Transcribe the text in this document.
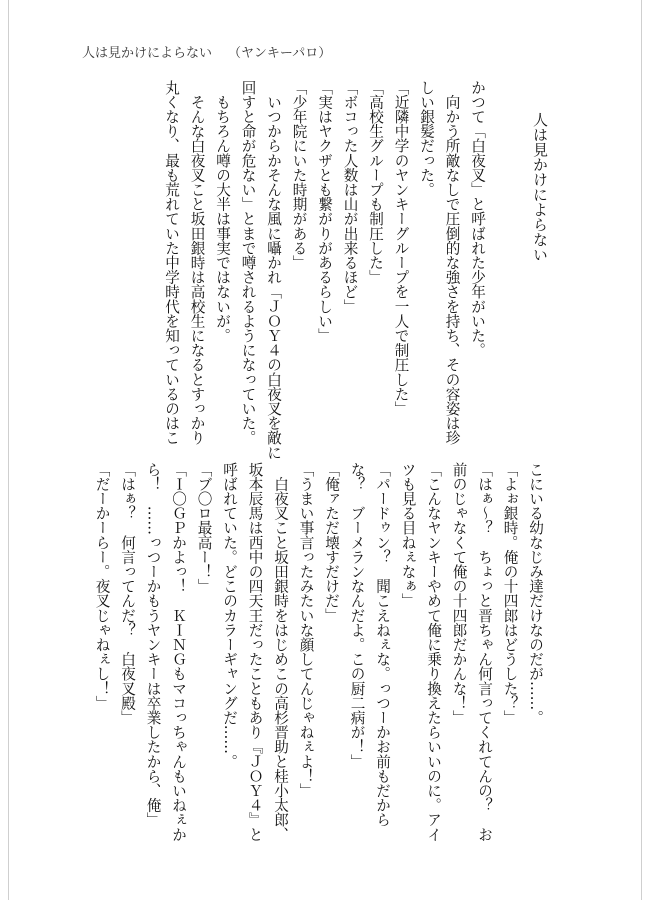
人は見かけによらない （ヤンキーパロ）
人は見かけによらない
かつて「白夜叉」と呼ばれた少年がいた。
　向かう所敵なしで圧倒的な強さを持ち、その容姿は珍
しい銀髪だった。
「近隣中学のヤンキーグループを一人で制圧した」
「高校生グループも制圧した」
「ボコった人数は山が出来るほど」
「実はヤクザとも繋がりがあるらしい」
「少年院にいた時期がある」
　いつからかそんな風に囁かれ「ＪＯＹ４の白夜叉を敵に
回すと命が危ない」とまで噂されるようになっていた。
　もちろん噂の大半は事実ではないが。
　そんな白夜叉こと坂田銀時は高校生になるとすっかり
丸くなり、最も荒れていた中学時代を知っているのはこ
こにいる幼なじみ達だけなのだが……。
「よぉ銀時。俺の十四郎はどうした？」
「はぁ～？　ちょっと晋ちゃん何言ってくれてんの？　お
前のじゃなくて俺の十四郎だかんな！」
「こんなヤンキーやめて俺に乗り換えたらいいのに。アイ
ツも見る目ねぇなぁ」
「パードゥン？　聞こえねぇな。っつーかお前もだから
な？　ブーメランなんだよ。この厨二病が！」
「俺ァただ壊すだけだ」
「うまい事言ったみたいな顔してんじゃねぇよ！」
　白夜叉こと坂田銀時をはじめこの高杉晋助と桂小太郎、
坂本辰馬は西中の四天王だったこともあり『ＪＯＹ４』と
呼ばれていた。どこのカラーギャングだ……。
「ブ〇ロ最高ー！」
「Ｉ〇ＧＰかよっ！　ＫＩＮＧもマコっちゃんもいねぇか
ら！　……っつーかもうヤンキーは卒業したから、俺」
「はぁ？　何言ってんだ？　白夜叉殿」
「だーかーらー。夜叉じゃねぇし！」
